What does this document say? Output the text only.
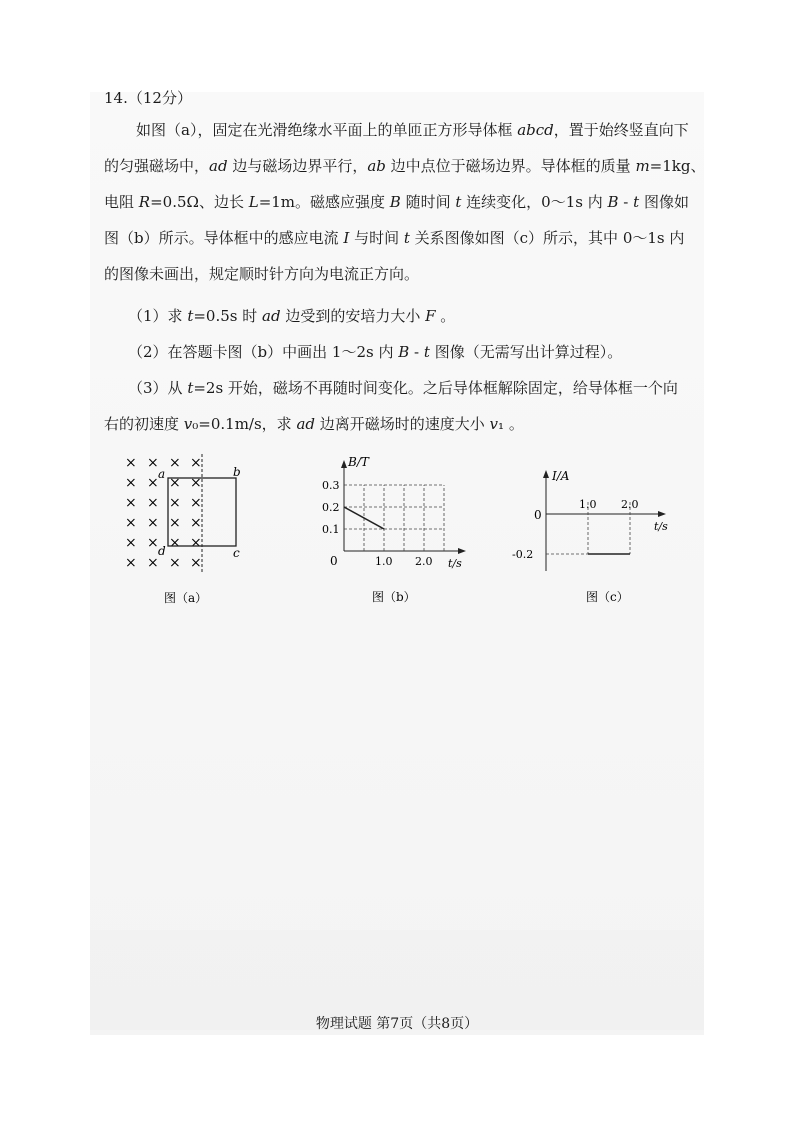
14.（12分）
如图（a），固定在光滑绝缘水平面上的单匝正方形导体框 abcd，置于始终竖直向下
的匀强磁场中，ad 边与磁场边界平行，ab 边中点位于磁场边界。导体框的质量 m=1kg、
电阻 R=0.5Ω、边长 L=1m。磁感应强度 B 随时间 t 连续变化，0～1s 内 B - t 图像如
图（b）所示。导体框中的感应电流 I 与时间 t 关系图像如图（c）所示，其中 0～1s 内
的图像未画出，规定顺时针方向为电流正方向。
（1）求 t=0.5s 时 ad 边受到的安培力大小 F 。
（2）在答题卡图（b）中画出 1～2s 内 B - t 图像（无需写出计算过程）。
（3）从 t=2s 开始，磁场不再随时间变化。之后导体框解除固定，给导体框一个向
右的初速度 v₀=0.1m/s，求 ad 边离开磁场时的速度大小 v₁ 。
× × × ×
× × × ×
× × × ×
× × × ×
× × × ×
× × × ×
a	b
c
d
图（a）
B/T
t/s
0
0.3
0.2
0.1
1.0 2.0
图（b）
I/A
t/s
0
1.0 2.0
-0.2
图（c）
物理试题 第7页（共8页）
